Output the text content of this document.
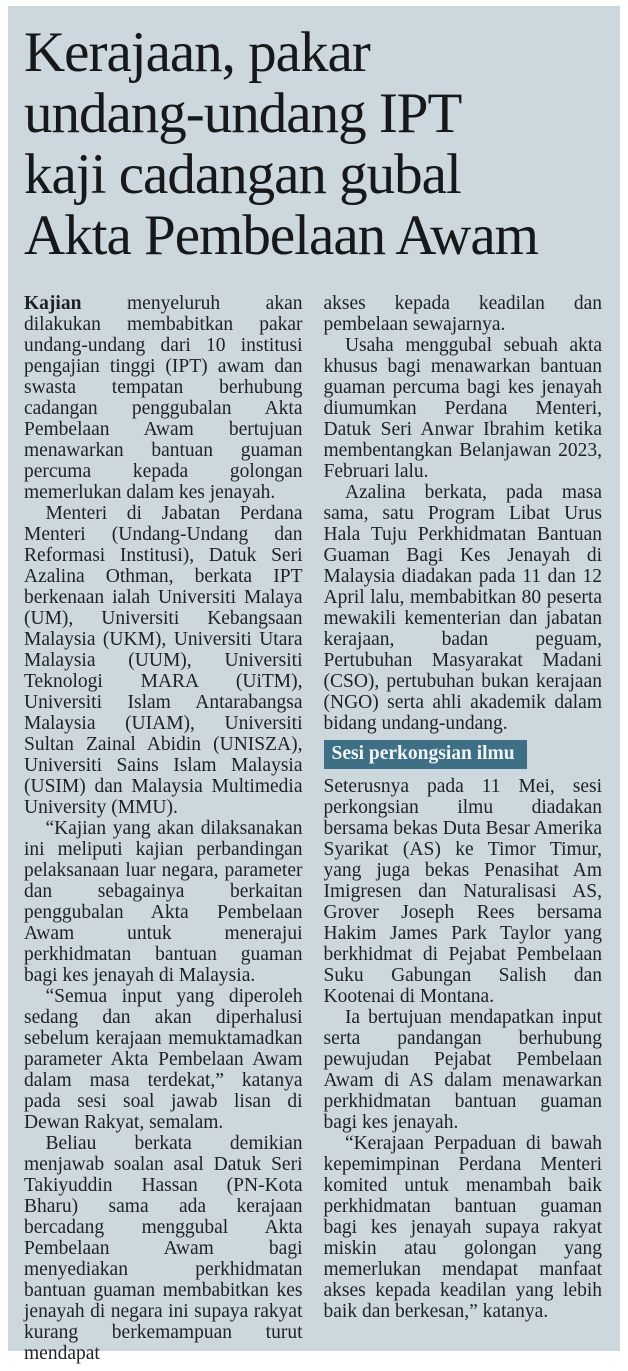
Kerajaan, pakar
undang-undang IPT
kaji cadangan gubal
Akta Pembelaan Awam

Kajian menyeluruh akan dilakukan membabitkan pakar undang-undang dari 10 institusi pengajian tinggi (IPT) awam dan swasta tempatan berhubung cadangan penggubalan Akta Pembelaan Awam bertujuan menawarkan bantuan guaman percuma kepada golongan memerlukan dalam kes jenayah.

Menteri di Jabatan Perdana Menteri (Undang-Undang dan Reformasi Institusi), Datuk Seri Azalina Othman, berkata IPT berkenaan ialah Universiti Malaya (UM), Universiti Kebangsaan Malaysia (UKM), Universiti Utara Malaysia (UUM), Universiti Teknologi MARA (UiTM), Universiti Islam Antarabangsa Malaysia (UIAM), Universiti Sultan Zainal Abidin (UNISZA), Universiti Sains Islam Malaysia (USIM) dan Malaysia Multimedia University (MMU).

“Kajian yang akan dilaksanakan ini meliputi kajian perbandingan pelaksanaan luar negara, parameter dan sebagainya berkaitan penggubalan Akta Pembelaan Awam untuk menerajui perkhidmatan bantuan guaman bagi kes jenayah di Malaysia.

“Semua input yang diperoleh sedang dan akan diperhalusi sebelum kerajaan memuktamadkan parameter Akta Pembelaan Awam dalam masa terdekat,” katanya pada sesi soal jawab lisan di Dewan Rakyat, semalam.

Beliau berkata demikian menjawab soalan asal Datuk Seri Takiyuddin Hassan (PN-Kota Bharu) sama ada kerajaan bercadang menggubal Akta Pembelaan Awam bagi menyediakan perkhidmatan bantuan guaman membabitkan kes jenayah di negara ini supaya rakyat kurang berkemampuan turut mendapat

akses kepada keadilan dan pembelaan sewajarnya.

Usaha menggubal sebuah akta khusus bagi menawarkan bantuan guaman percuma bagi kes jenayah diumumkan Perdana Menteri, Datuk Seri Anwar Ibrahim ketika membentangkan Belanjawan 2023, Februari lalu.

Azalina berkata, pada masa sama, satu Program Libat Urus Hala Tuju Perkhidmatan Bantuan Guaman Bagi Kes Jenayah di Malaysia diadakan pada 11 dan 12 April lalu, membabitkan 80 peserta mewakili kementerian dan jabatan kerajaan, badan peguam, Pertubuhan Masyarakat Madani (CSO), pertubuhan bukan kerajaan (NGO) serta ahli akademik dalam bidang undang-undang.

Sesi perkongsian ilmu

Seterusnya pada 11 Mei, sesi perkongsian ilmu diadakan bersama bekas Duta Besar Amerika Syarikat (AS) ke Timor Timur, yang juga bekas Penasihat Am Imigresen dan Naturalisasi AS, Grover Joseph Rees bersama Hakim James Park Taylor yang berkhidmat di Pejabat Pembelaan Suku Gabungan Salish dan Kootenai di Montana.

Ia bertujuan mendapatkan input serta pandangan berhubung pewujudan Pejabat Pembelaan Awam di AS dalam menawarkan perkhidmatan bantuan guaman bagi kes jenayah.

“Kerajaan Perpaduan di bawah kepemimpinan Perdana Menteri komited untuk menambah baik perkhidmatan bantuan guaman bagi kes jenayah supaya rakyat miskin atau golongan yang memerlukan mendapat manfaat akses kepada keadilan yang lebih baik dan berkesan,” katanya.
